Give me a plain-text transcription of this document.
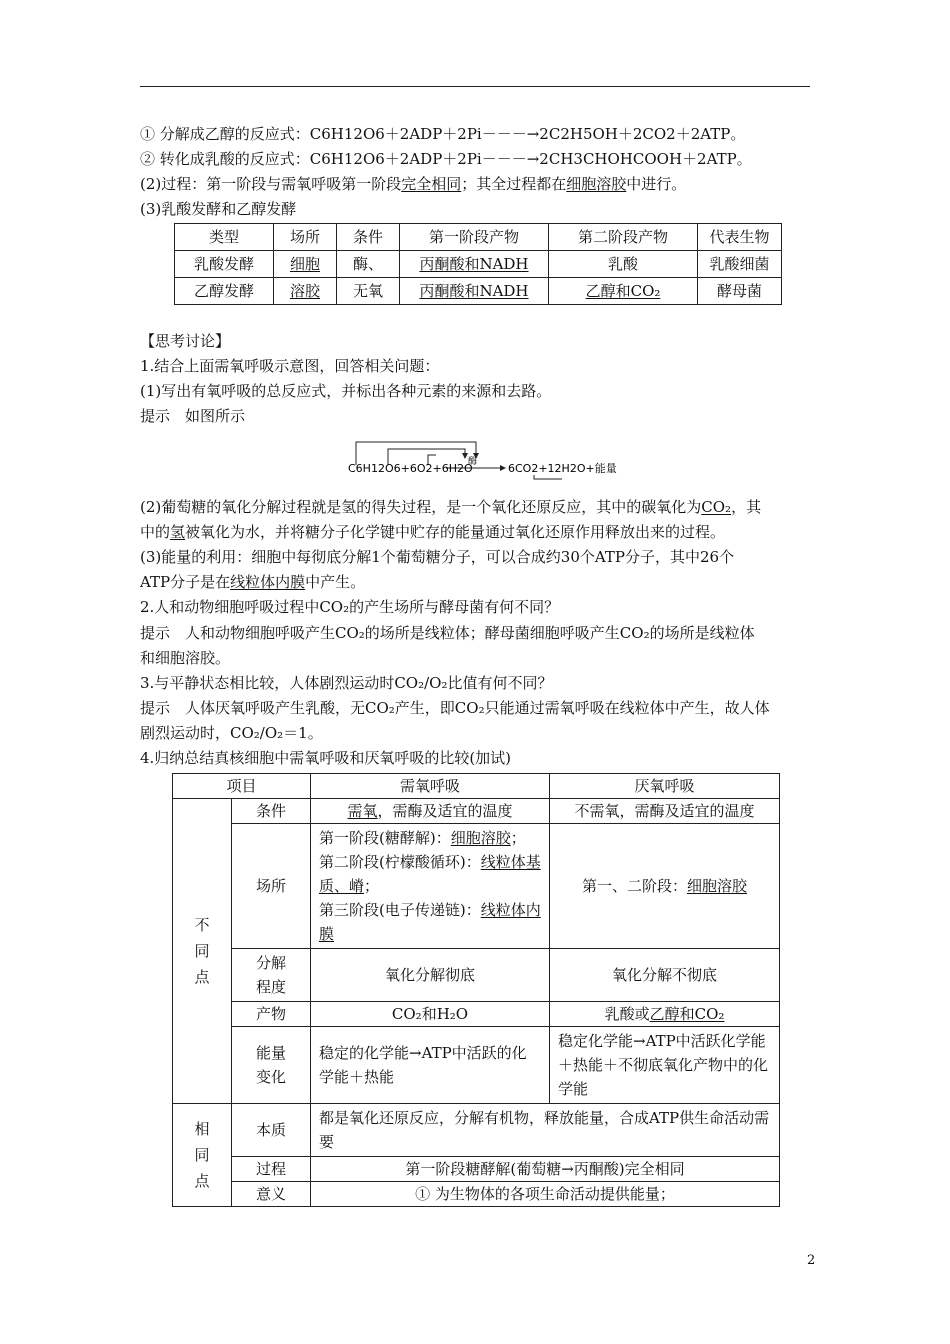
① 分解成乙醇的反应式：C6H12O6＋2ADP＋2Pi－－－→2C2H5OH＋2CO2＋2ATP。
② 转化成乳酸的反应式：C6H12O6＋2ADP＋2Pi－－－→2CH3CHOHCOOH＋2ATP。
(2)过程：第一阶段与需氧呼吸第一阶段完全相同；其全过程都在细胞溶胶中进行。
(3)乳酸发酵和乙醇发酵
类型	场所	条件	第一阶段产物	第二阶段产物	代表生物
乳酸发酵	细胞	酶、	丙酮酸和NADH	乳酸	乳酸细菌
乙醇发酵	溶胶	无氧	丙酮酸和NADH	乙醇和CO₂	酵母菌
【思考讨论】
1.结合上面需氧呼吸示意图，回答相关问题：
(1)写出有氧呼吸的总反应式，并标出各种元素的来源和去路。
提示　如图所示
C6H12O6+6O2+6H2O
酶	6CO2+12H2O+能量
(2)葡萄糖的氧化分解过程就是氢的得失过程，是一个氧化还原反应，其中的碳氧化为CO₂，其
中的氢被氧化为水，并将糖分子化学键中贮存的能量通过氧化还原作用释放出来的过程。
(3)能量的利用：细胞中每彻底分解1个葡萄糖分子，可以合成约30个ATP分子，其中26个
ATP分子是在线粒体内膜中产生。
2.人和动物细胞呼吸过程中CO₂的产生场所与酵母菌有何不同？
提示　人和动物细胞呼吸产生CO₂的场所是线粒体；酵母菌细胞呼吸产生CO₂的场所是线粒体
和细胞溶胶。
3.与平静状态相比较，人体剧烈运动时CO₂/O₂比值有何不同？
提示　人体厌氧呼吸产生乳酸，无CO₂产生，即CO₂只能通过需氧呼吸在线粒体中产生，故人体
剧烈运动时，CO₂/O₂＝1。
4.归纳总结真核细胞中需氧呼吸和厌氧呼吸的比较(加试)
项目		需氧呼吸	厌氧呼吸
不
同
点	条件	需氧，需酶及适宜的温度	不需氧，需酶及适宜的温度
	场所	第一阶段(糖酵解)：细胞溶胶；
第二阶段(柠檬酸循环)：线粒体基质、嵴；
第三阶段(电子传递链)：线粒体内膜	第一、二阶段：细胞溶胶
	分解程度	氧化分解彻底	氧化分解不彻底
	产物	CO₂和H₂O	乳酸或乙醇和CO₂
	能量变化	稳定的化学能→ATP中活跃的化学能＋热能	稳定化学能→ATP中活跃化学能＋热能＋不彻底氧化产物中的化学能
相
同
点	本质	都是氧化还原反应，分解有机物，释放能量，合成ATP供生命活动需要	
	过程	第一阶段糖酵解(葡萄糖→丙酮酸)完全相同	
	意义	① 为生物体的各项生命活动提供能量；	
2
